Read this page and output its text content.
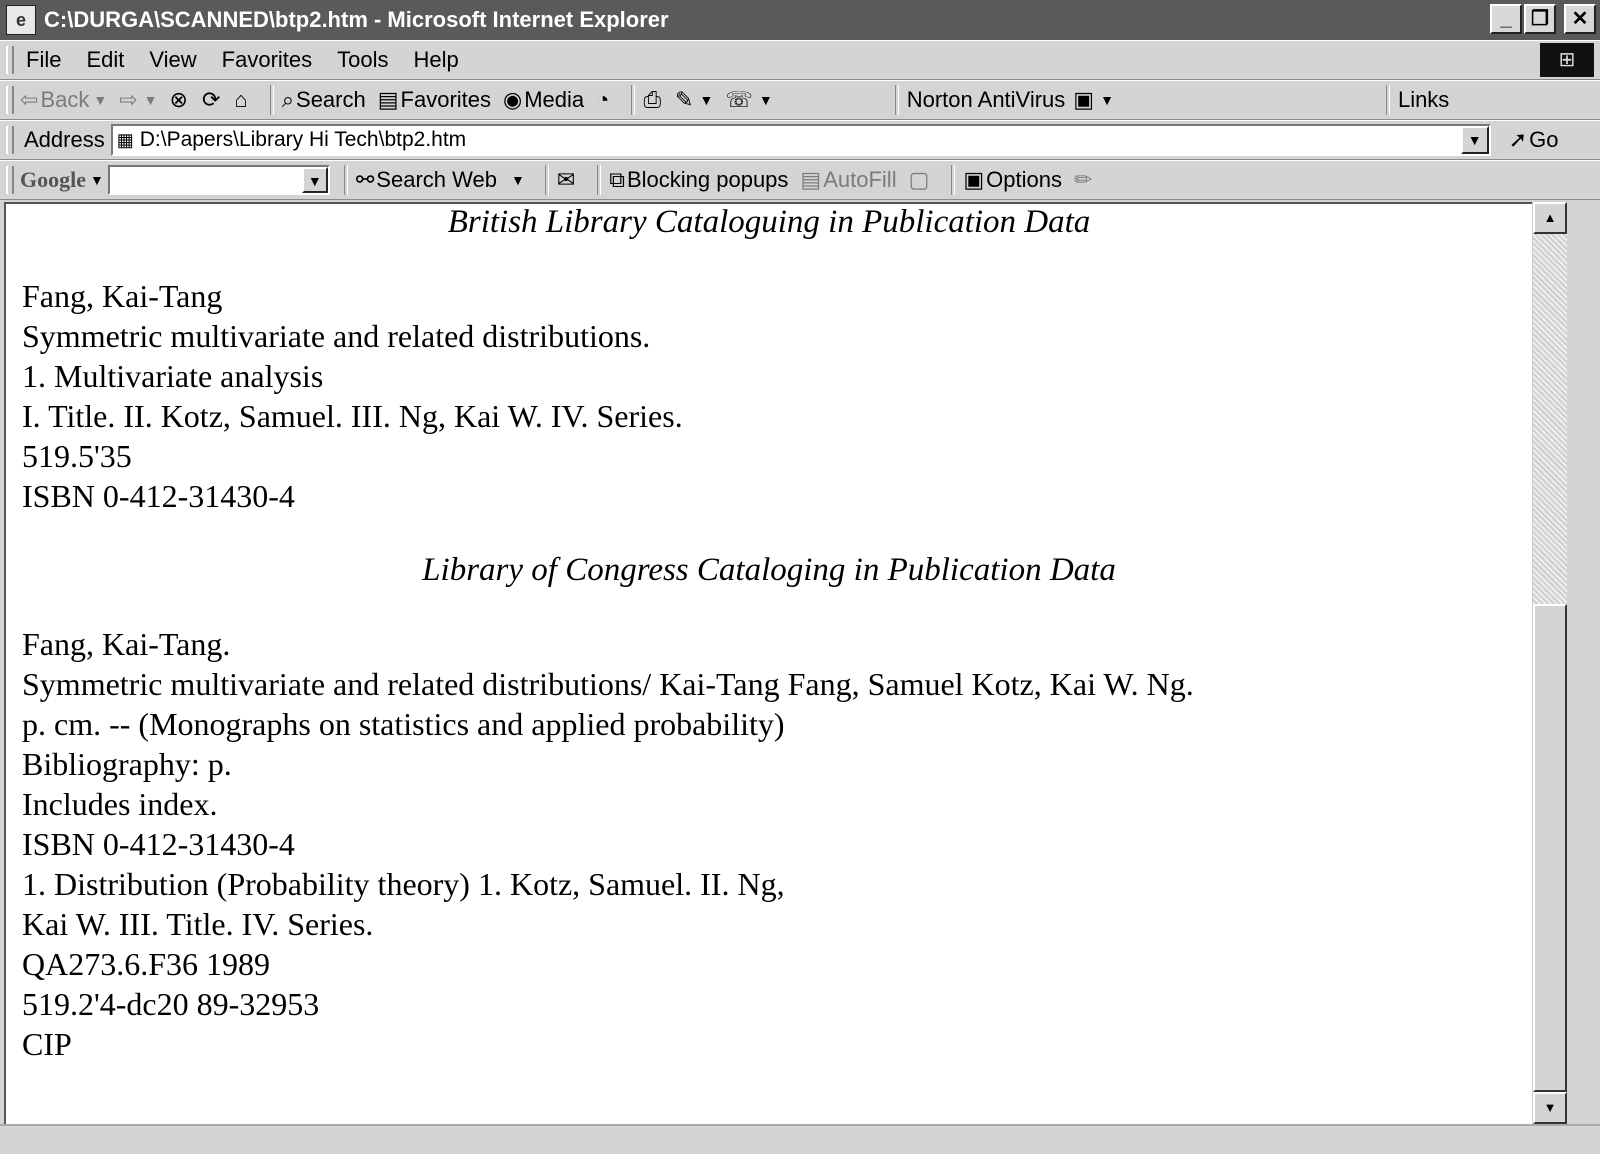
e C:\DURGA\SCANNED\btp2.htm - Microsoft Internet Explorer	_ ❐	✕
File Edit View Favorites Tools Help	⊞
⇦ Back ▼ ⇨ ▼ ⊗ ⟳ ⌂ ⌕ Search ▤ Favorites ◉ Media ◔ ⎙ ✎ ▼ ☏ ▼	Norton AntiVirus ▣ ▼	Links
Address ▦ D:\Papers\Library Hi Tech\btp2.htm	▼	➚ Go
Google ▼	▼ ⚯ Search Web ▼ ✉ ⧉ Blocking popups ▤ AutoFill ▢ ▣ Options ✏
British Library Cataloguing in Publication Data
Fang, Kai-Tang
Symmetric multivariate and related distributions.
1. Multivariate analysis
I. Title. II. Kotz, Samuel. III. Ng, Kai W. IV. Series.
519.5'35
ISBN 0-412-31430-4
Library of Congress Cataloging in Publication Data
Fang, Kai-Tang.
Symmetric multivariate and related distributions/ Kai-Tang Fang, Samuel Kotz, Kai W. Ng.
p. cm. -- (Monographs on statistics and applied probability)
Bibliography: p.
Includes index.
ISBN 0-412-31430-4
1. Distribution (Probability theory) 1. Kotz, Samuel. II. Ng,
Kai W. III. Title. IV. Series.
QA273.6.F36 1989
519.2'4-dc20 89-32953
CIP
▲
▼
